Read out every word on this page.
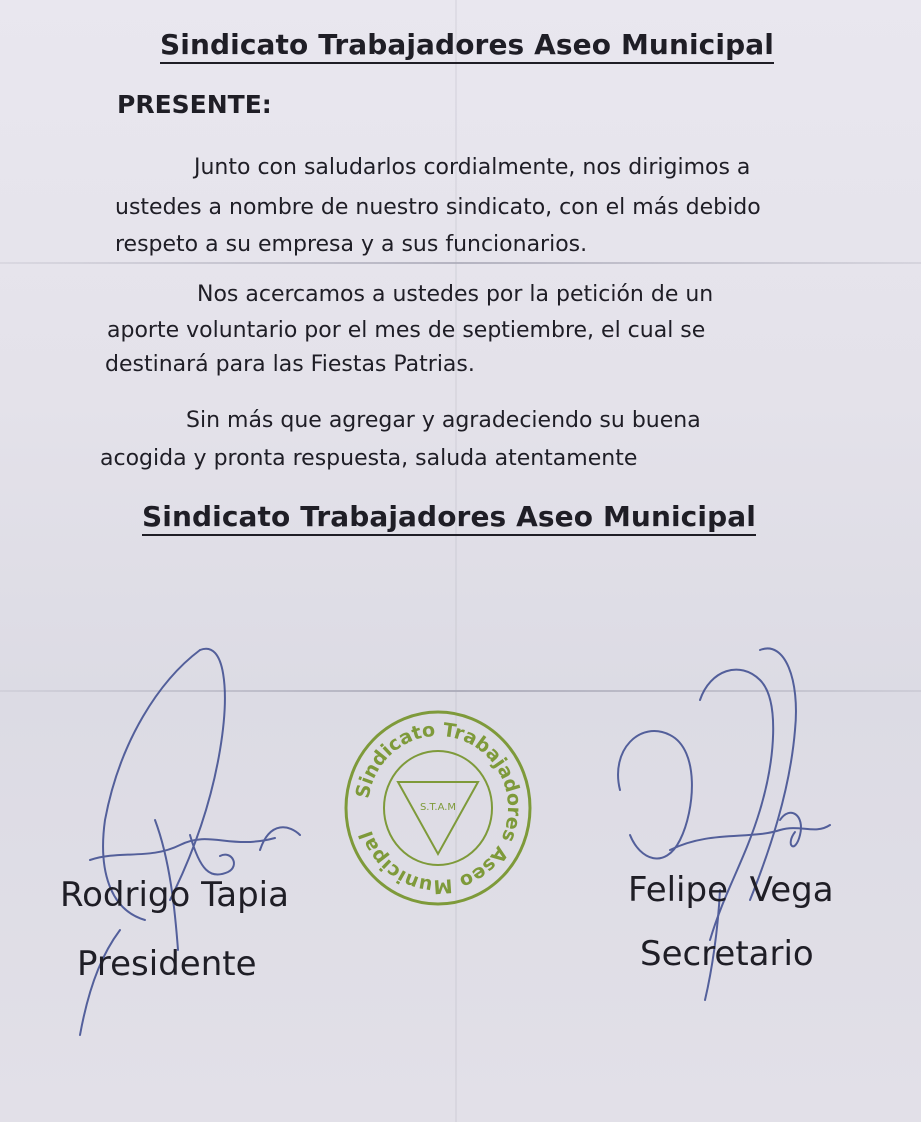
Sindicato Trabajadores Aseo Municipal

PRESENTE:

Junto con saludarlos cordialmente, nos dirigimos a

ustedes a nombre de nuestro sindicato, con el más debido

respeto a su empresa y a sus funcionarios.

Nos acercamos a ustedes por la petición de un

aporte voluntario por el mes de septiembre, el cual se

destinará para las Fiestas Patrias.

Sin más que agregar y agradeciendo su buena

acogida y pronta respuesta, saluda atentamente

Sindicato Trabajadores Aseo Municipal

Sindicato Trabajadores Aseo Municipal
S.T.A.M

Rodrigo Tapia

Presidente

Felipe  Vega

Secretario
